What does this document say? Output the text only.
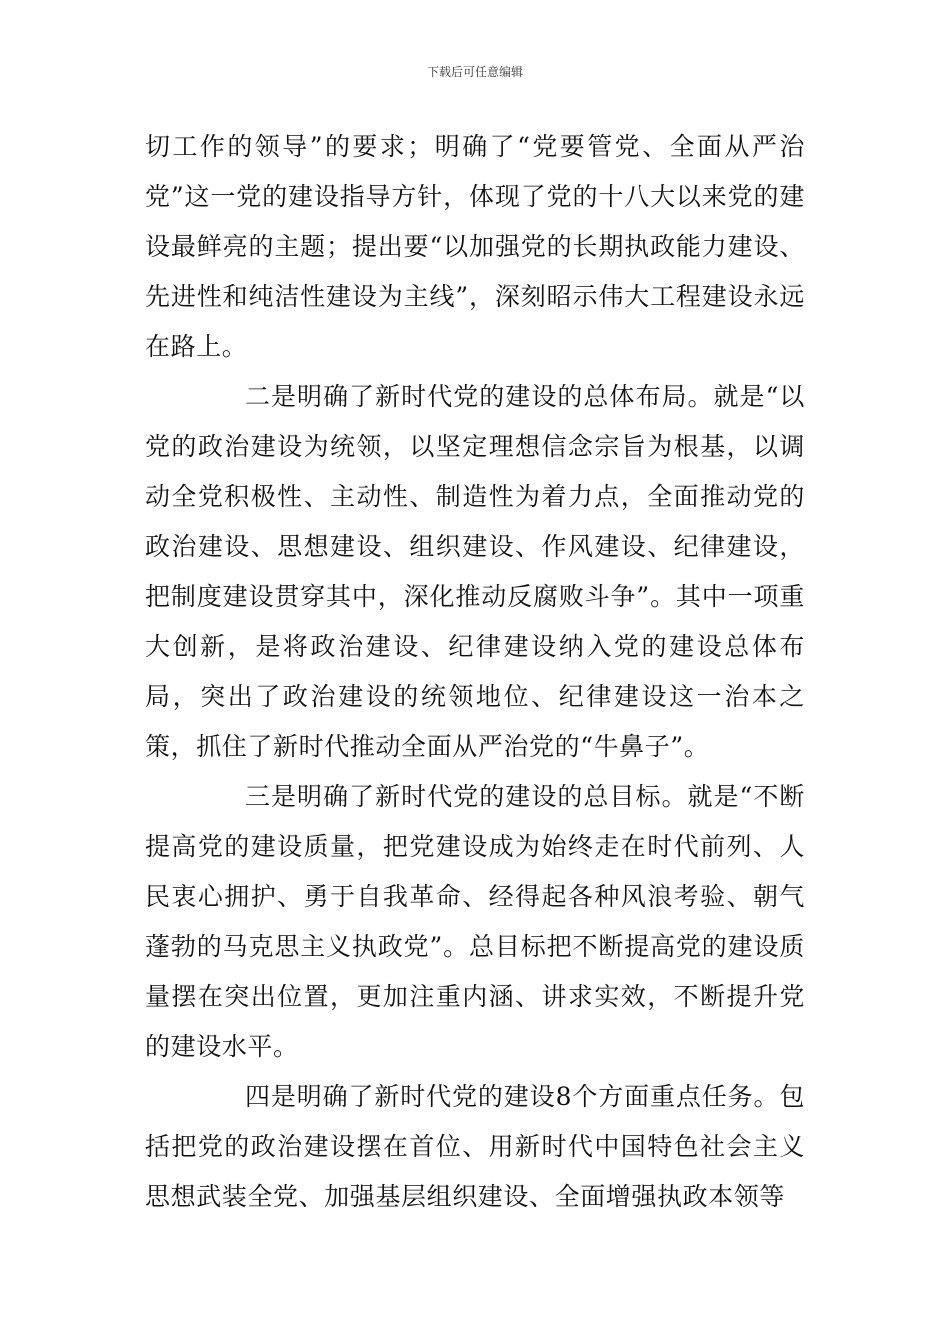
下载后可任意编辑

切工作的领导”的要求；明确了“党要管党、全面从严治党”这一党的建设指导方针，体现了党的十八大以来党的建设最鲜亮的主题；提出要“以加强党的长期执政能力建设、先进性和纯洁性建设为主线”，深刻昭示伟大工程建设永远在路上。

二是明确了新时代党的建设的总体布局。就是“以党的政治建设为统领，以坚定理想信念宗旨为根基，以调动全党积极性、主动性、制造性为着力点，全面推动党的政治建设、思想建设、组织建设、作风建设、纪律建设，把制度建设贯穿其中，深化推动反腐败斗争”。其中一项重大创新，是将政治建设、纪律建设纳入党的建设总体布局，突出了政治建设的统领地位、纪律建设这一治本之策，抓住了新时代推动全面从严治党的“牛鼻子”。

三是明确了新时代党的建设的总目标。就是“不断提高党的建设质量，把党建设成为始终走在时代前列、人民衷心拥护、勇于自我革命、经得起各种风浪考验、朝气蓬勃的马克思主义执政党”。总目标把不断提高党的建设质量摆在突出位置，更加注重内涵、讲求实效，不断提升党的建设水平。

四是明确了新时代党的建设8个方面重点任务。包括把党的政治建设摆在首位、用新时代中国特色社会主义思想武装全党、加强基层组织建设、全面增强执政本领等
